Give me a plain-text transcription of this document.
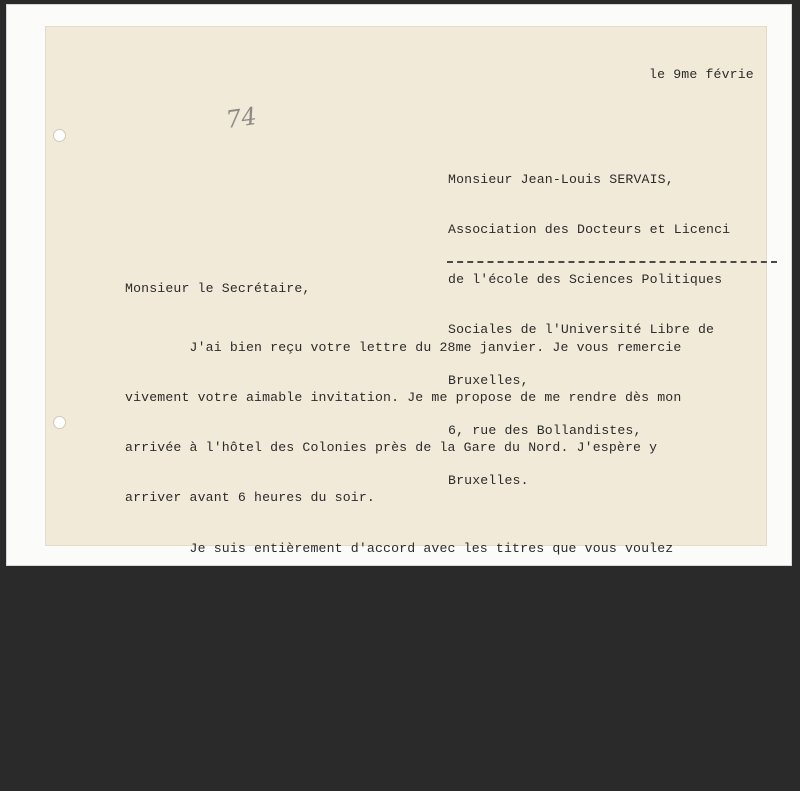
le 9me févrie

74

Monsieur Jean-Louis SERVAIS,

Association des Docteurs et Licenci

de l'école des Sciences Politiques

Sociales de l'Université Libre de

Bruxelles,

6, rue des Bollandistes,

Bruxelles.

Monsieur le Secrétaire,

J'ai bien reçu votre lettre du 28me janvier. Je vous remercie

vivement votre aimable invitation. Je me propose de me rendre dès mon

arrivée à l'hôtel des Colonies près de la Gare du Nord. J'espère y

arriver avant 6 heures du soir.

Je suis entièrement d'accord avec les titres que vous voulez

indiquer sur la carte. Je suppose que vous aurez observé les petits

erreurs d'impression dans votre lettre.

Au plaisir de vous voir je vous prie d'agréer, Monsieur le

Secrétaire, l'expression de mes sentiments très distingués.
